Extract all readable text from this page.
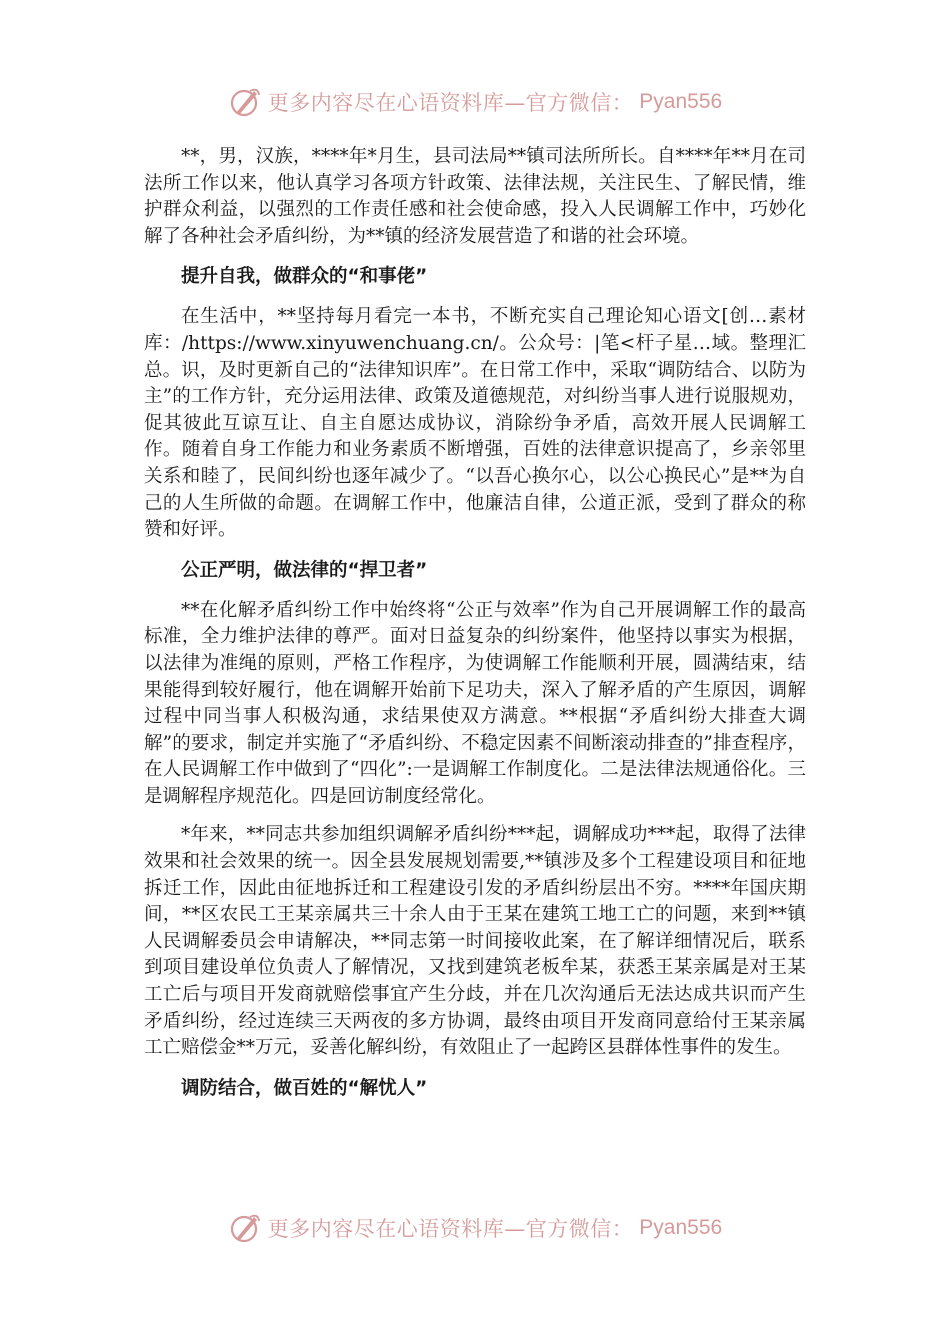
更多内容尽在心语资料库—官方微信： Pyan556

**，男，汉族，****年*月生，县司法局**镇司法所所长。自****年**月在司法所工作以来，他认真学习各项方针政策、法律法规，关注民生、了解民情，维护群众利益，以强烈的工作责任感和社会使命感，投入人民调解工作中，巧妙化解了各种社会矛盾纠纷，为**镇的经济发展营造了和谐的社会环境。

提升自我，做群众的“和事佬”

在生活中，**坚持每月看完一本书，不断充实自己理论知心语文[创…素材库：/https://www.xinyuwenchuang.cn/。公众号：|笔<杆子星…域。整理汇总。识，及时更新自己的“法律知识库”。在日常工作中，采取“调防结合、以防为主”的工作方针，充分运用法律、政策及道德规范，对纠纷当事人进行说服规劝，促其彼此互谅互让、自主自愿达成协议，消除纷争矛盾，高效开展人民调解工作。随着自身工作能力和业务素质不断增强，百姓的法律意识提高了，乡亲邻里关系和睦了，民间纠纷也逐年减少了。“以吾心换尔心，以公心换民心”是**为自己的人生所做的命题。在调解工作中，他廉洁自律，公道正派，受到了群众的称赞和好评。

公正严明，做法律的“捍卫者”

**在化解矛盾纠纷工作中始终将“公正与效率”作为自己开展调解工作的最高标准，全力维护法律的尊严。面对日益复杂的纠纷案件，他坚持以事实为根据，以法律为准绳的原则，严格工作程序，为使调解工作能顺利开展，圆满结束，结果能得到较好履行，他在调解开始前下足功夫，深入了解矛盾的产生原因，调解过程中同当事人积极沟通，求结果使双方满意。**根据“矛盾纠纷大排查大调解”的要求，制定并实施了“矛盾纠纷、不稳定因素不间断滚动排查的”排查程序，在人民调解工作中做到了“四化”:一是调解工作制度化。二是法律法规通俗化。三是调解程序规范化。四是回访制度经常化。

*年来，**同志共参加组织调解矛盾纠纷***起，调解成功***起，取得了法律效果和社会效果的统一。因全县发展规划需要,**镇涉及多个工程建设项目和征地拆迁工作，因此由征地拆迁和工程建设引发的矛盾纠纷层出不穷。****年国庆期间，**区农民工王某亲属共三十余人由于王某在建筑工地工亡的问题，来到**镇人民调解委员会申请解决，**同志第一时间接收此案，在了解详细情况后，联系到项目建设单位负责人了解情况，又找到建筑老板牟某，获悉王某亲属是对王某工亡后与项目开发商就赔偿事宜产生分歧，并在几次沟通后无法达成共识而产生矛盾纠纷，经过连续三天两夜的多方协调，最终由项目开发商同意给付王某亲属工亡赔偿金**万元，妥善化解纠纷，有效阻止了一起跨区县群体性事件的发生。

调防结合，做百姓的“解忧人”

更多内容尽在心语资料库—官方微信： Pyan556
